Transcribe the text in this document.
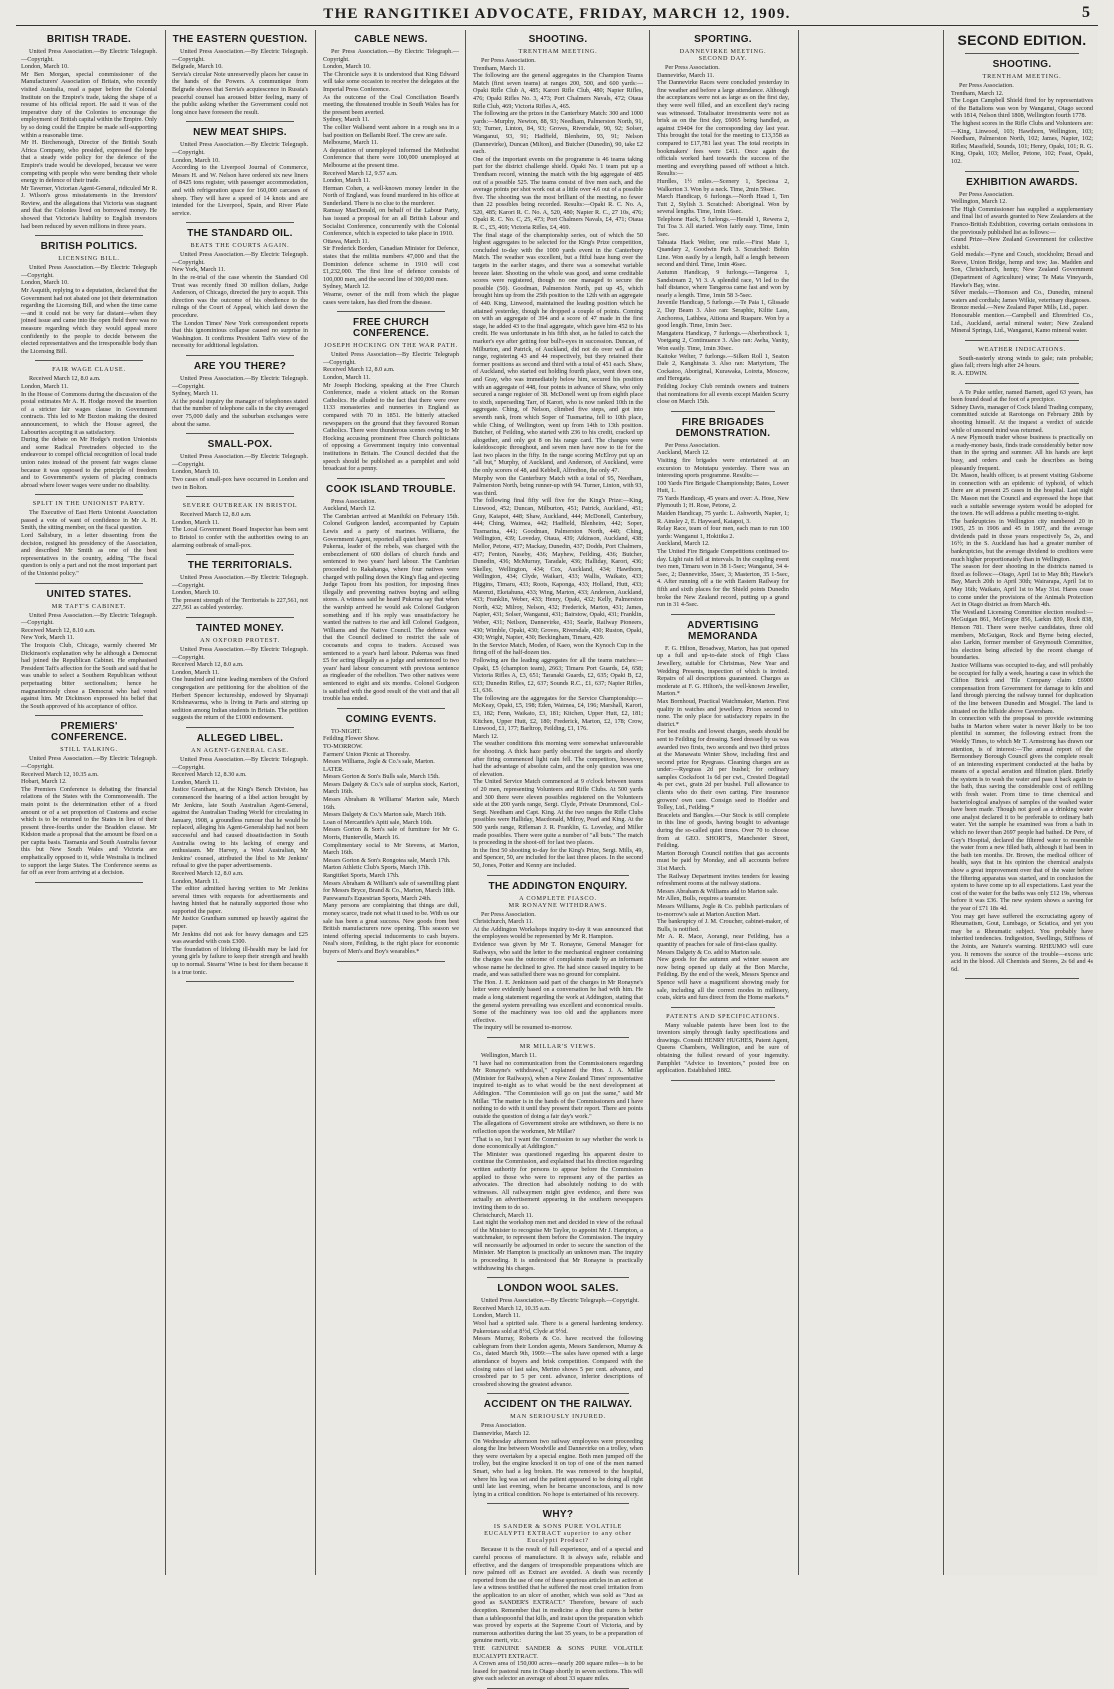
THE RANGITIKEI ADVOCATE, FRIDAY, MARCH 12, 1909.	5
BRITISH TRADE.

United Press Association.—By Electric Telegraph.—Copyright.
London, March 10.
Mr Ben Morgan, special commissioner of the Manufacturers' Association of Britain, who recently visited Australia, read a paper before the Colonial Institute on the Empire's trade, taking the shape of a resume of his official report. He said it was of the imperative duty of the Colonies to encourage the employment of British capital within the Empire. Only by so doing could the Empire be made self-supporting within a reasonable time.
Mr H. Birchenough, Director of the British South Africa Company, who presided, expressed the hope that a steady wide policy for the defence of the Empire's trade would be developed, because we were competing with people who were bending their whole energy in defence of their trade.
Mr Taverner, Victorian Agent-General, ridiculed Mr R. J. Wilson's gross misstatements in the Investors' Review, and the allegations that Victoria was stagnant and that the Colonies lived on borrowed money. He showed that Victoria's liability to English investors had been reduced by seven millions in three years.

BRITISH POLITICS.
LICENSING BILL.

United Press Association.—By Electric Telegraph—Copyright.
London, March 10.
Mr Asquith, replying to a deputation, declared that the Government had not abated one jot their determination regarding the Licensing Bill, and when the time came—and it could not be very far distant—when they joined issue and came into the open field there was no measure regarding which they would appeal more confidently to the people to decide between the elected representatives and the irresponsible body than the Licensing Bill.

FAIR WAGE CLAUSE.

Received March 12, 8.0 a.m.
London, March 11.
In the House of Commons during the discussion of the postal estimates Mr A. H. Hodge moved the insertion of a stricter fair wages clause in Government contracts. This led to Mr Buxton making the desired announcement, to which the House agreed, the Labourites accepting it as satisfactory.
During the debate on Mr Hodge's motion Unionists and some Radical Freetraders objected to the endeavour to compel official recognition of local trade union rates instead of the present fair wages clause because it was opposed to the principle of freedom and to Government's system of placing contracts abroad where lower wages were under no disability.

SPLIT IN THE UNIONIST PARTY.

The Executive of East Herts Unionist Association passed a vote of want of confidence in Mr A. H. Smith, the sitting member, on the fiscal question.
Lord Salisbury, in a letter dissenting from the decision, resigned his presidency of the Association, and described Mr Smith as one of the best representatives in the country, adding "The fiscal question is only a part and not the most important part of the Unionist policy."

UNITED STATES.
MR TAFT'S CABINET.

United Press Association.—By Electric Telegraph.—Copyright.
Received March 12, 8.10 a.m.
New York, March 11.
The Iroquois Club, Chicago, warmly cheered Mr Dickinson's explanation why he although a Democrat had joined the Republican Cabinet. He emphasised President Taft's affection for the South and said that he was unable to select a Southern Republican without perpetuating bitter sectionalism; hence he magnanimously chose a Democrat who had voted against him. Mr Dickinson expressed his belief that the South approved of his acceptance of office.

PREMIERS' CONFERENCE.
STILL TALKING.

United Press Association.—By Electric Telegraph.—Copyright.
Received March 12, 10.35 a.m.
Hobart, March 12.
The Premiers Conference is debating the financial relations of the States with the Commonwealth. The main point is the determination either of a fixed amount or of a set proportion of Customs and excise which is to be returned to the States in lieu of their present three-fourths under the Braddon clause. Mr Kidston made a proposal that the amount be fixed on a per capita basis. Tasmania and South Australia favour this but New South Wales and Victoria are emphatically opposed to it, while Westralia is inclined to support the large States. The Conference seems as far off as ever from arriving at a decision.

THE EASTERN QUESTION.

United Press Association.—By Electric Telegraph.—Copyright.
Belgrade, March 10.
Servia's circular Note unreservedly places her cause in the hands of the Powers. A communique from Belgrade shows that Servia's acquiescence in Russia's peaceful counsel has aroused bitter feeling, many of the public asking whether the Government could not long since have foreseen the result.

NEW MEAT SHIPS.

United Press Association.—By Electric Telegraph.—Copyright.
London, March 10.
According to the Liverpool Journal of Commerce, Messrs H. and W. Nelson have ordered six new liners of 8425 tons register, with passenger accommodation, and with refrigeration space for 160,000 carcases of sheep. They will have a speed of 14 knots and are intended for the Liverpool, Spain, and River Plate service.

THE STANDARD OIL.
BEATS THE COURTS AGAIN.

United Press Association.—By Electric Telegraph.—Copyright.
New York, March 11.
In the re-trial of the case wherein the Standard Oil Trust was recently fined 30 million dollars, Judge Anderson, of Chicago, directed the jury to acquit. This direction was the outcome of his obedience to the rulings of the Court of Appeal, which laid down the procedure.
The London Times' New York correspondent reports that this ignominious collapse caused no surprise in Washington. It confirms President Taft's view of the necessity for additional legislation.

ARE YOU THERE?

United Press Association.—By Electric Telegraph.—Copyright.
Sydney, March 11.
At the postal inquiry the manager of telephones stated that the number of telephone calls in the city averaged over 75,000 daily and the suburban exchanges were about the same.

SMALL-POX.

United Press Association.—By Electric Telegraph.—Copyright.
London, March 10.
Two cases of small-pox have occurred in London and two in Bolton.

SEVERE OUTBREAK IN BRISTOL

Received March 12, 8.0 a.m.
London, March 11.
The Local Government Board Inspector has been sent to Bristol to confer with the authorities owing to an alarming outbreak of small-pox.

THE TERRITORIALS.

United Press Association.—By Electric Telegraph.—Copyright.
London, March 10.
The present strength of the Territorials is 227,561, not 227,561 as cabled yesterday.

TAINTED MONEY.
AN OXFORD PROTEST.

United Press Association.—By Electric Telegraph.—Copyright.
Received March 12, 8.0 a.m.
London, March 11.
One hundred and nine leading members of the Oxford congregation are petitioning for the abolition of the Herbert Spencer lectureship, endowed by Shyamaji Krishnavarma, who is living in Paris and stirring up sedition among Indian students in Britain. The petition suggests the return of the £1000 endowment.

ALLEGED LIBEL.
AN AGENT-GENERAL CASE.

United Press Association.—By Electric Telegraph.—Copyright.
Received March 12, 8.30 a.m.
London, March 11.
Justice Grantham, at the King's Bench Division, has commenced the hearing of a libel action brought by Mr Jenkins, late South Australian Agent-General, against the Australian Trading World for circulating in January, 1908, a groundless rumour that he would be replaced, alleging his Agent-Generalship had not been successful and had caused dissatisfaction in South Australia owing to his lacking of energy and enthusiasm. Mr Harvey, a West Australian, Mr Jenkins' counsel, attributed the libel to Mr Jenkins' refusal to give the paper advertisements.
Received March 12, 8.0 a.m.
London, March 11.
The editor admitted having written to Mr Jenkins several times with requests for advertisements and having hinted that he naturally supported those who supported the paper.
Mr Justice Grantham summed up heavily against the paper.
Mr Jenkins did not ask for heavy damages and £25 was awarded with costs £300.
The foundation of lifelong ill-health may be laid for young girls by failure to keep their strength and health up to normal. Stearns' Wine is best for them because it is a true tonic.

CABLE NEWS.

Per Press Association.—By Electric Telegraph.—Copyright.
London, March 10.
The Chronicle says it is understood that King Edward will take some occasion to receive the delegates at the Imperial Press Conference.
As the outcome of the Coal Conciliation Board's meeting, the threatened trouble in South Wales has for the present been averted.
Sydney, March 11.
The collier Wallsend went ashore in a rough sea in a bad position on Bellambi Reef. The crew are safe.
Melbourne, March 11.
A deputation of unemployed informed the Methodist Conference that there were 100,000 unemployed at Melbourne at the present time.
Received March 12, 9.57 a.m.
London, March 11.
Herman Cohen, a well-known money lender in the North of England, was found murdered in his office at Sunderland. There is no clue to the murderer.
Ramsay MacDonald, on behalf of the Labour Party, has issued a proposal for an all British Labour and Socialist Conference, concurrently with the Colonial Conference, which is expected to take place in 1910.
Ottawa, March 11.
Sir Frederick Borden, Canadian Minister for Defence, states that the militia numbers 47,000 and that the Dominion defence scheme in 1910 will cost £1,232,000. The first line of defence consists of 100,000 men, and the second line of 300,000 men.
Sydney, March 12.
Wearne, owner of the mill from which the plague cases were taken, has died from the disease.

FREE CHURCH CONFERENCE.
JOSEPH HOCKING ON THE WAR PATH.

United Press Association—By Electric Telegraph—Copyright.
Received March 12, 8.0 a.m.
London, March 11.
Mr Joseph Hocking, speaking at the Free Church Conference, made a violent attack on the Roman Catholics. He alluded to the fact that there were over 1133 monasteries and nunneries in England as compared with 70 in 1851. He bitterly attacked newspapers on the ground that they favoured Roman Catholics. There were thunderous scenes owing to Mr Hocking accusing prominent Free Church politicians of opposing a Government inquiry into conventual institutions in Britain. The Council decided that the speech should be published as a pamphlet and sold broadcast for a penny.

COOK ISLAND TROUBLE.

Press Association.
Auckland, March 12.
The Cambrian arrived at Manihiki on February 15th. Colonel Gudgeon landed, accompanied by Captain Lewis and a party of marines. Williams, the Government Agent, reported all quiet here.
Pukerua, leader of the rebels, was charged with the embezzlement of 600 dollars of church funds and sentenced to two years' hard labour. The Cambrian proceeded to Rakahanga, where four natives were charged with pulling down the King's flag and ejecting Judge Tapou from his position, for imposing fines illegally and preventing natives buying and selling stores. A witness said he heard Pukerua say that when the warship arrived he would ask Colonel Gudgeon something and if his reply was unsatisfactory he wanted the natives to rise and kill Colonel Gudgeon, Williams and the Native Council. The defence was that the Council declined to restrict the sale of cocoanuts and copra to traders. Accused was sentenced to a year's hard labour. Pukerua was fined £5 for acting illegally as a judge and sentenced to two years' hard labour concurrent with previous sentence as ringleader of the rebellion. Two other natives were sentenced to eight and six months. Colonel Gudgeon is satisfied with the good result of the visit and that all trouble has ended.

COMING EVENTS.

TO-NIGHT.
Feilding Flower Show.
TO-MORROW.
Farmers' Union Picnic at Thoresby.
Messrs Williams, Jogle & Co.'s sale, Marton.
LATER.
Messrs Gorton & Son's Bulls sale, March 15th.
Messrs Dalgety & Co.'s sale of surplus stock, Kariori, March 16th.
Messrs Abraham & Williams' Marton sale, March 16th.
Messrs Dalgety & Co.'s Marton sale, March 16th.
Loan of Mercantile's Apiti sale, March 16th.
Messrs Gorton & Son's sale of furniture for Mr G. Morris, Hunterville, March 16.
Complimentary social to Mr Stevens, at Marton, March 16th.
Messrs Gorton & Son's Rongotea sale, March 17th.
Marton Athletic Club's Sports, March 17th.
Rangitikei Sports, March 17th.
Messrs Abraham & William's sale of sawmilling plant for Messrs Bryce, Brand & Co., Marton, March 18th.
Parewanui's Equestrian Sports, March 24th.
Many persons are complaining that things are dull, money scarce, trade not what it used to be. With us our sale has been a great success. New goods from best British manufacturers now opening. This season we intend offering special inducements to cash buyers. Neal's store, Feilding, is the right place for economic buyers of Men's and Boy's wearables.*

SHOOTING.
TRENTHAM MEETING.

Per Press Association.
Trentham, March 11.
The following are the general aggregates in the Champion Teams Match (first seven teams) at ranges 200, 500, and 600 yards:—Opaki Rifle Club A, 485; Karori Rifle Club, 480; Napier Rifles, 476; Opaki Rifles No. 3, 473; Port Chalmers Navals, 472; Otaua Rifle Club, 469; Victoria Rifles A, 465.
The following are the prizes in the Canterbury Match: 300 and 1000 yards:—Murphy, Newton, 88, 93; Needham, Palmerston North, 91, 93; Turner, Linton, 84, 93; Groves, Riversdale, 90, 92; Solser, Wanganui, 93, 91; Hadfield, Blenheim, 93, 91; Nelson (Dannevirke), Duncan (Milton), and Butcher (Dunedin), 90, take £2 each.
One of the important events on the programme is 46 teams taking part for the district challenge shield. Opaki No. 1 team put up a Trentham record, winning the match with the big aggregate of 485 out of a possible 525. The teams consist of five men each, and the average points per shot work out at a little over 4.6 out of a possible five. The shooting was the most brilliant of the meeting, no fewer than 22 possibles being recorded. Results:—Opaki R. C. No. A, 520, 485; Karori R. C. No. A, 520, 480; Napier R. C., 27 10s, 476; Opaki R. C. No. C, 25, 473; Port Chalmers Navals, £4, 471; Otaua R. C., £5, 469; Victoria Rifles, £4, 469.
The final stage of the championship series, out of which the 50 highest aggregates to be selected for the King's Prize competition, concluded to-day with the 1000 yards event in the Canterbury Match. The weather was excellent, but a fitful haze hung over the targets in the earlier stages, and there was a somewhat variable breeze later. Shooting on the whole was good, and some creditable scores were registered, though no one managed to secure the possible (50). Goodman, Palmerston North, put up 45, which brought him up from the 25th position to the 12th with an aggregate of 440. King, Linwood, maintained the leading position which he attained yesterday, though he dropped a couple of points. Coming on with an aggregate of 394 and a score of 47 made in the first stage, he added 43 to the final aggregate, which gave him 452 to his credit. He was unfortunate in his fifth shot, as he failed to catch the marker's eye after getting four bull's-eyes in succession. Duncan, of Milburton, and Patrick, of Auckland, did not do over well at the range, registering 43 and 44 respectively, but they retained their former positions as second and third with a total of 451 each. Shaw, of Auckland, who started out holding fourth place, went down one, and Gray, who was immediately below him, secured his position with an aggregate of 448, four points in advance of Shaw, who only secured a range register of 38. McDonell went up from eighth place to sixth, superseding Tarr, of Karori, who is now ranked 10th in the aggregate. Ching, of Nelson, climbed five steps, and got into seventh rank, from which Soper of Tusmarina, fell to 10th place, while Ching, of Wellington, went up from 14th to 13th position. Butcher, of Feilding, who started with 236 to his credit, cracked up altogether, and only got 8 on his range card. The changes were kaleidoscopic throughout, and seven men have now to tie for the last two places in the fifty. In the range scoring McElroy put up an "all but," Murphy, of Auckland, and Anderson, of Auckland, were the only scorers of 48, and Kebbell, Alfredton, the only 47.
Murphy won the Canterbury Match with a total of 95, Needham, Palmerston North, being runner-up with 94. Turner, Linton, with 93, was third.
The following final fifty will five for the King's Prize:—King, Linwood, 452; Duncan, Milburton, 451; Patrick, Auckland, 451; Gray, Kaiapoi, 448; Shaw, Auckland, 444; McDonell, Canterbury, 444; Ching, Waimea, 442; Hadfield, Blenheim, 442; Soper, Tusmarina, 441; Goodman, Palmerston North, 440; Ching, Wellington, 439; Loveday, Otaua, 439; Atkinson, Auckland, 438; Mellor, Petone, 437; Mackay, Dunedin, 437; Dodds, Port Chalmers, 437; Fenton, Naseby, 436; Mayhew, Feilding, 436; Butcher, Dunedin, 436; McMurray, Taradale, 436; Halliday, Karori, 436; Skelley, Wellington, 434; Cox, Auckland, 434; Hawthorn, Wellington, 434; Clyde, Waikari, 433; Wallis, Waikato, 433; Higgins, Timaru, 433; Roots, Kaponga, 433; Holland, Hutt, 433; Marenzi, Eketahuna, 433; Wing, Marton, 433; Anderson, Auckland, 433; Franklin, Weber, 433; Henry, Opaki, 432; Kelly, Palmerston North, 432; Milroy, Nelson, 432; Frederick, Marton, 431; James, Napier, 431; Solser, Wanganui, 431; Bairstow, Opaki, 431; Franklin, Weber, 431; Neilson, Dannevirke, 431; Searle, Railway Pioneers, 430; Wimble, Opaki, 430; Groves, Riversdale, 430; Ruston, Opaki, 430; Wright, Napier, 430; Beckingham, Timaru, 429.
In the Service Match, Moden, of Kaeo, won the Kynoch Cup in the firing off of the half-dozen ties.
Following are the leading aggregates for all the teams matches:—Opaki, £5 (champion team), 2663; Timaru Port Guards, £4, 658; Victoria Rifles A, £3, 651; Taranaki Guards, £2, 635; Opaki B, £2, 633; Dunedin Rifles, £2, 637; Sounds R.C., £1, 637; Napier Rifles, £1, 636.
The following are the aggregates for the Service Championship:—McKeay, Opaki, £5, 198; Eden, Waimea, £4, 196; Marshall, Karori, £3, 182; Fenn, Waikato, £3, 181; Kitchen, Upper Hutt, £2, 181; Kitchen, Upper Hutt, £2, 180; Frederick, Marton, £2, 178; Crow, Linwood, £1, 177; Barltrop, Feilding, £1, 176.
March 12.
The weather conditions this morning were somewhat unfavourable for shooting. A thick haze partly obscured the targets and shortly after firing commenced light rain fell. The competitors, however, had the advantage of absolute calm, and the only question was one of elevation.
The United Service Match commenced at 9 o'clock between teams of 20 men, representing Volunteers and Rifle Clubs. At 500 yards and 300 there were eleven possibles registered on the Volunteers side at the 200 yards range, Sergt. Clyde, Private Drummond, Col.-Sergt. Needham and Capt. King. At the two ranges the Rifle Clubs possibles were Halliday, Macdonald, Milroy, Pearl and King. At the 500 yards range, Rifleman J. R. Franklin, G. Loveday, and Miller made possibles. There were quite a number of "all buts." The match is proceeding in the shoot-off for last two places.
In the first 50 shooting to-day for the King's Prize, Sergt. Mills, 49, and Spencer, 50, are included for the last three places. In the second 50, Jones, Potter and Kenny are included.

THE ADDINGTON ENQUIRY.
A COMPLETE FIASCO.
MR RONAYNE WITHDRAWS.

Per Press Association.
Christchurch, March 11.
At the Addington Workshops inquiry to-day it was announced that the employees would be represented by Mr R. Hampton.
Evidence was given by Mr T. Ronayne, General Manager for Railways, who said the letter to the mechanical engineer containing the charges was the outcome of complaints made by an informant whose name he declined to give. He had since caused inquiry to be made, and was satisfied there was no ground for complaint.
The Hon. J. E. Jenkinson said part of the charges in Mr Ronayne's letter were evidently based on a conversation he had with him. He made a long statement regarding the work at Addington, stating that the general system prevailing was excellent and economical results. Some of the machinery was too old and the appliances more effective.
The inquiry will be resumed to-morrow.

MR MILLAR'S VIEWS.

Wellington, March 11.
"I have had no communication from the Commissioners regarding Mr Ronayne's withdrawal," explained the Hon. J. A. Millar (Minister for Railways), when a New Zealand Times' representative inquired to-night as to what would be the next development at Addington. "The Commission will go on just the same," said Mr Millar. "The matter is in the hands of the Commissioners and I have nothing to do with it until they present their report. There are points outside the question of doing a fair day's work."
The allegations of Government stroke are withdrawn, so there is no reflection upon the workmen, Mr Millar?
"That is so, but I want the Commission to say whether the work is done economically at Addington."
The Minister was questioned regarding his apparent desire to continue the Commission, and explained that his direction regarding written authority for persons to appear before the Commission applied to those who were to represent any of the parties as advocates. The direction had absolutely nothing to do with witnesses. All railwaymen might give evidence, and there was actually an advertisement appearing in the southern newspapers inviting them to do so.
Christchurch, March 11.
Last night the workshop men met and decided in view of the refusal of the Minister to recognise Mr Taylor, to appoint Mr J. Hampton, a watchmaker, to represent them before the Commission. The inquiry will necessarily be adjourned in order to secure the sanction of the Minister. Mr Hampton is practically an unknown man. The inquiry is proceeding. It is understood that Mr Ronayne is practically withdrawing his charges.

LONDON WOOL SALES.

United Press Association.—By Electric Telegraph.—Copyright.
Received March 12, 10.35 a.m.
London, March 11.
Wool had a spirited sale. There is a general hardening tendency. Pukerotara sold at 8½d, Clyde at 9½d.
Messrs Murray, Roberts & Co. have received the following cablegram from their London agents, Messrs Sanderson, Murray & Co., dated March 9th, 1909:—The sales have opened with a large attendance of buyers and brisk competition. Compared with the closing rates of last sales, Merino shows 5 per cent. advance, and crossbred par to 5 per cent. advance, inferior descriptions of crossbred showing the greatest advance.

ACCIDENT ON THE RAILWAY.
MAN SERIOUSLY INJURED.

Press Association.
Dannevirke, March 12.
On Wednesday afternoon two railway employees were proceeding along the line between Woodville and Dannevirke on a trolley, when they were overtaken by a special engine. Both men jumped off the trolley, but the engine knocked it on top of one of the men named Smart, who had a leg broken. He was removed to the hospital, where his leg was set and the patient appeared to be doing all right until late last evening, when he became unconscious, and is now lying in a critical condition. No hope is entertained of his recovery.

WHY?
IS SANDER & SONS PURE VOLATILE EUCALYPTI EXTRACT superior to any other Eucalypti Product?

Because it is the result of full experience, and of a special and careful process of manufacture. It is always safe, reliable and effective, and the dangers of irresponsible preparations which are now palmed off as Extract are avoided. A death was recently reported from the use of one of these spurious articles in an action at law a witness testified that he suffered the most cruel irritation from the application to an ulcer of another, which was sold as "Just as good as SANDER'S EXTRACT." Therefore, beware of such deception. Remember that in medicine a drop that cures is better than a tablespoonful that kills, and insist upon the preparation which was proved by experts at the Supreme Court of Victoria, and by numerous authorities during the last 35 years, to be a preparation of genuine merit, viz.:
THE GENUINE SANDER & SONS PURE VOLATILE EUCALYPTI EXTRACT.
A Crown area of 150,000 acres—nearly 200 square miles—is to be leased for pastoral runs in Otago shortly in seven sections. This will give each selector an average of about 33 square miles.

SPORTING.
DANNEVIRKE MEETING.
SECOND DAY.

Per Press Association.
Dannevirke, March 11.
The Dannevirke Races were concluded yesterday in fine weather and before a large attendance. Although the acceptances were not as large as on the first day, they were well filled, and an excellent day's racing was witnessed. Totalisator investments were not as brisk as on the first day, £6065 being handled, as against £9404 for the corresponding day last year. This brought the total for the meeting to £13,358 as compared to £17,781 last year. The total receipts in bookmakers' fees were £411. Once again the officials worked hard towards the success of the meeting and everything passed off without a hitch. Results:—
Hurdles, 1½ miles.—Scenery 1, Speciosa 2, Walkerton 3. Won by a neck. Time, 2min 59sec.
March Handicap, 6 furlongs.—North Head 1, Ten Tutt 2, Stylish 3. Scratched: Aboriginal. Won by several lengths. Time, 1min 16sec.
Telephone Hack, 5 furlongs.—Herald 1, Rewera 2, Tui Toa 3. All started. Won fairly easy. Time, 1min 5sec.
Tahuata Hack Welter, one mile.—First Mate 1, Quandary 2, Goodwin Park 3. Scratched: Bobin Line. Won easily by a length, half a length between second and third. Time, 1min 46sec.
Autumn Handicap, 9 furlongs.—Tangeroa 1, Sandstream 2, Vi 3. A splendid race, Vi led to the half distance, where Tangeroa came fast and won by nearly a length. Time, 1min 58 3-5sec.
Juvenile Handicap, 5 furlongs.—Te Paia 1, Glissade 2, Day Beam 3. Also ran: Seraphic, Kiltie Lass, Anchoress, Lathbea, Aitiona and Ruapare. Won by a good length. Time, 1min 3sec.
Mangatera Handicap, 7 furlongs.—Aberbrothock 1, Voetgang 2, Continuance 3. Also ran: Awha, Vanity, Won easily. Time, 1min 30sec.
Kaitoke Welter, 7 furlongs.—Silken Roll 1, Seaton Dale 2, Kanghinata 3. Also ran: Martyrium, The Cockatoo, Aboriginal, Kurawaka, Loireta, Moscow, and Heregata.
Feilding Jockey Club reminds owners and trainers that nominations for all events except Maiden Scurry close on March 15th.

FIRE BRIGADES DEMONSTRATION.

Per Press Association.
Auckland, March 12.
Visiting fire brigades were entertained at an excursion to Motutapu yesterday. There was an interesting sports programme. Results:—
100 Yards Fire Brigade Championship; Bates, Lower Hutt, 1.
75 Yards Handicap, 45 years and over: A. Hose, New Plymouth 1; H. Rose, Petone, 2.
Maiden Handicap, 75 yards: L. Ashworth, Napier, 1; R. Ainsley 2, E. Hayward, Kaiapoi, 3.
Relay Race, team of four men, each man to run 100 yards: Wanganui 1, Hokitika 2.
Auckland, March 12.
The United Fire Brigade Competitions continued to-day. Light rain fell at intervals. In the coupling event two men, Timaru won in 38 1-5sec; Wanganui, 34 4-5sec, 2; Dannevirke, 35sec, 3; Masterton, 35 1-5sec, 4. After running off a tie with Eastern Railway for fifth and sixth places for the Shield points Dunedin broke the New Zealand record, putting up a grand run in 31 4-5sec.

ADVERTISING MEMORANDA

F. G. Hilton, Broadway, Marton, has just opened up a full and up-to-date stock of High Class Jewellery, suitable for Christmas, New Year and Wedding Presents, inspection of which is invited. Repairs of all descriptions guaranteed. Charges as moderate at F. G. Hilton's, the well-known Jeweller, Marton.*
Max Bornhoud, Practical Watchmaker, Marton. First quality in watches and jewellery. Prices second to none. The only place for satisfactory repairs in the district.*
For best results and lowest charges, seeds should be sent to Feilding for dressing. Seed dressed by us was awarded two firsts, two seconds and two third prizes at the Manawatu Winter Show, including first and second prize for Ryegrass. Cleaning charges are as under:—Ryegrass 2d per bushel; for ordinary samples Cocksfoot 1s 6d per cwt., Crested Dogstail 4s per cwt., grain 2d per bushel. Full allowance to clients who do their own carting. Fire insurance growers' own care. Consign seed to Hodder and Tolley, Ltd., Feilding.*
Bracelets and Bangles.—Our Stock is still complete in this line of goods, having bought to advantage during the so-called quiet times. Over 70 to choose from at GEO. SHORT'S, Manchester Street, Feilding.
Marton Borough Council notifies that gas accounts must be paid by Monday, and all accounts before 31st March.
The Railway Department invites tenders for leasing refreshment rooms at the railway stations.
Messrs Abraham & Williams add to Marton sale.
Mr Allen, Bulls, requires a teamster.
Messrs Williams, Jogle & Co. publish particulars of to-morrow's sale at Marton Auction Mart.
The bankruptcy of J. M. Croucher, cabinet-maker, of Bulls, is notified.
Mr A. R. Mace, Aorangi, near Feilding, has a quantity of peaches for sale of first-class quality.
Messrs Dalgety & Co. add to Marton sale.
New goods for the autumn and winter season are now being opened up daily at the Bon Marche, Feilding. By the end of the week, Messrs Spence and Spence will have a magnificent showing ready for sale, including all the correct modes in millinery, coats, skirts and furs direct from the Home markets.*

PATENTS AND SPECIFICATIONS.

Many valuable patents have been lost to the inventors simply through faulty specifications and drawings. Consult HENRY HUGHES, Patent Agent, Queens Chambers, Wellington, and be sure of obtaining the fullest reward of your ingenuity. Pamphlet "Advice to Inventors," posted free on application. Established 1882.

SECOND EDITION.
SHOOTING.
TRENTHAM MEETING.

Per Press Association.
Trentham, March 12.
The Logan Campbell Shield fired for by representatives of the Battalions was won by Wanganui, Otago second with 1814, Nelson third 1808, Wellington fourth 1778.
The highest scores in the Rifle Clubs and Volunteers are:—King, Linwood, 103; Hawthorn, Wellington, 103; Needham, Palmerston North, 102; James, Napier, 102; Rifles; Massfield, Sounds, 101; Henry, Opaki, 101; R. G. King, Opaki, 103; Mellor, Petone, 102; Feast, Opaki, 102.

EXHIBITION AWARDS.

Per Press Association.
Wellington, March 12.
The High Commissioner has supplied a supplementary and final list of awards granted to New Zealanders at the Franco-British Exhibition, covering certain omissions in the previously published list as follows:—
Grand Prize—New Zealand Government for collective exhibit.
Gold medals:—Fyne and Couch, stockholm; Broad and Reeve, Union Bridge, hemp and tow; Jas. Madden and Son, Christchurch, hemp; New Zealand Government (Department of Agriculture) wine; Te Mata Vineyards, Hawke's Bay, wine.
Silver medals.—Thomson and Co., Dunedin, mineral waters and cordials; James Wilkie, veterinary diagnoses.
Bronze medal.—New Zealand Paper Mills, Ltd., paper.
Honourable mention.—Campbell and Ehrenfried Co., Ltd., Auckland, aerial mineral water; New Zealand Mineral Springs, Ltd., Wanganui, Kamo mineral water.

WEATHER INDICATIONS.

South-easterly strong winds to gale; rain probable; glass fall; rivers high after 24 hours.
R. A. EDWIN.

A Te Puke settler, named Barnett, aged 63 years, has been found dead at the foot of a precipice.
Sidney Davis, manager of Cock Island Trading company, committed suicide at Rarotonga on February 28th by shooting himself. At the inquest a verdict of suicide while of unsound mind was returned.
A new Plymouth trader whose business is practically on a ready-money basis, finds trade considerably better now than in the spring and summer. All his hands are kept busy, and orders and cash he describes as being pleasantly frequent.
Dr. Mason, health officer, is at present visiting Gisborne in connection with an epidemic of typhoid, of which there are at present 25 cases in the hospital. Last night Dr. Mason met the Council and expressed the hope that such a suitable sewerage system would be adopted for the town. He will address a public meeting to-night.
The bankruptcies in Wellington city numbered 20 in 1905, 25 in 1906 and 45 in 1907, and the average dividends paid in those years respectively 5s, 2s, and 16½; in the S. Auckland has had a greater number of bankruptcies, but the average dividend to creditors were much higher proportionately than in Wellington.
The season for deer shooting in the districts named is fixed as follows:—Otago, April 1st to May 8th; Hawke's Bay, March 20th to April 30th; Wairarapa, April 1st to May 16th; Waikato, April 1st to May 31st. Hares cease to come under the provisions of the Animals Protection Act in Otago district as from March 4th.
The Westland Licensing Committee election resulted:—McGuigan 861, McGregor 856, Larkin 839, Rock 838, Henson 781. There were twelve candidates, three old members, McGuigan, Rock and Byrne being elected, also Larkin, former member of Greymouth Committee, his election being affected by the recent change of boundaries.
Justice Williams was occupied to-day, and will probably be occupied for fully a week, hearing a case in which the Clifton Brick and Tile Company claim £6900 compensation from Government for damage to kiln and land through piercing the railway tunnel for duplication of the line between Dunedin and Mosgiel. The land is situated on the hillside above Caversham.
In connection with the proposal to provide swimming baths in Marton where water is never likely to be too plentiful in summer, the following extract from the Weekly Times, to which Mr T. Armstrong has drawn our attention, is of interest:—The annual report of the Bermondsey Borough Council gives the complete result of an interesting experiment conducted at the baths by means of a special aeration and filtration plant. Briefly the system is to wash the water and pass it back again to the bath, thus saving the considerable cost of refilling with fresh water. From time to time chemical and bacteriological analyses of samples of the washed water have been made. Though not good as a drinking water one analyst declared it to be preferable to ordinary bath water. Yet the sample he examined was from a bath in which no fewer than 2697 people had bathed. Dr Pere, of Guy's Hospital, declared the filtered water to resemble the water from a new filled bath, although it had been in the bath ten months. Dr. Brown, the medical officer of health, says that in his opinion the chemical analysis show a great improvement over that of the water before the filtering apparatus was started, and in conclusion the system to have come up to all expectations. Last year the cost of the water for the baths was only £12 19s, whereas before it was £36. The new system shows a saving for the year of £71 18s 4d.
You may get have suffered the excruciating agony of Rheumatism, Gout, Lumbago, or Sciatica, and yet you may be a Rheumatic subject. You probably have inherited tendencies. Indigestion, Swellings, Stiffness of the Joints, are Nature's warning. RHEUMO will cure you. It removes the source of the trouble—excess uric acid in the blood. All Chemists and Stores, 2s 6d and 4s 6d.
